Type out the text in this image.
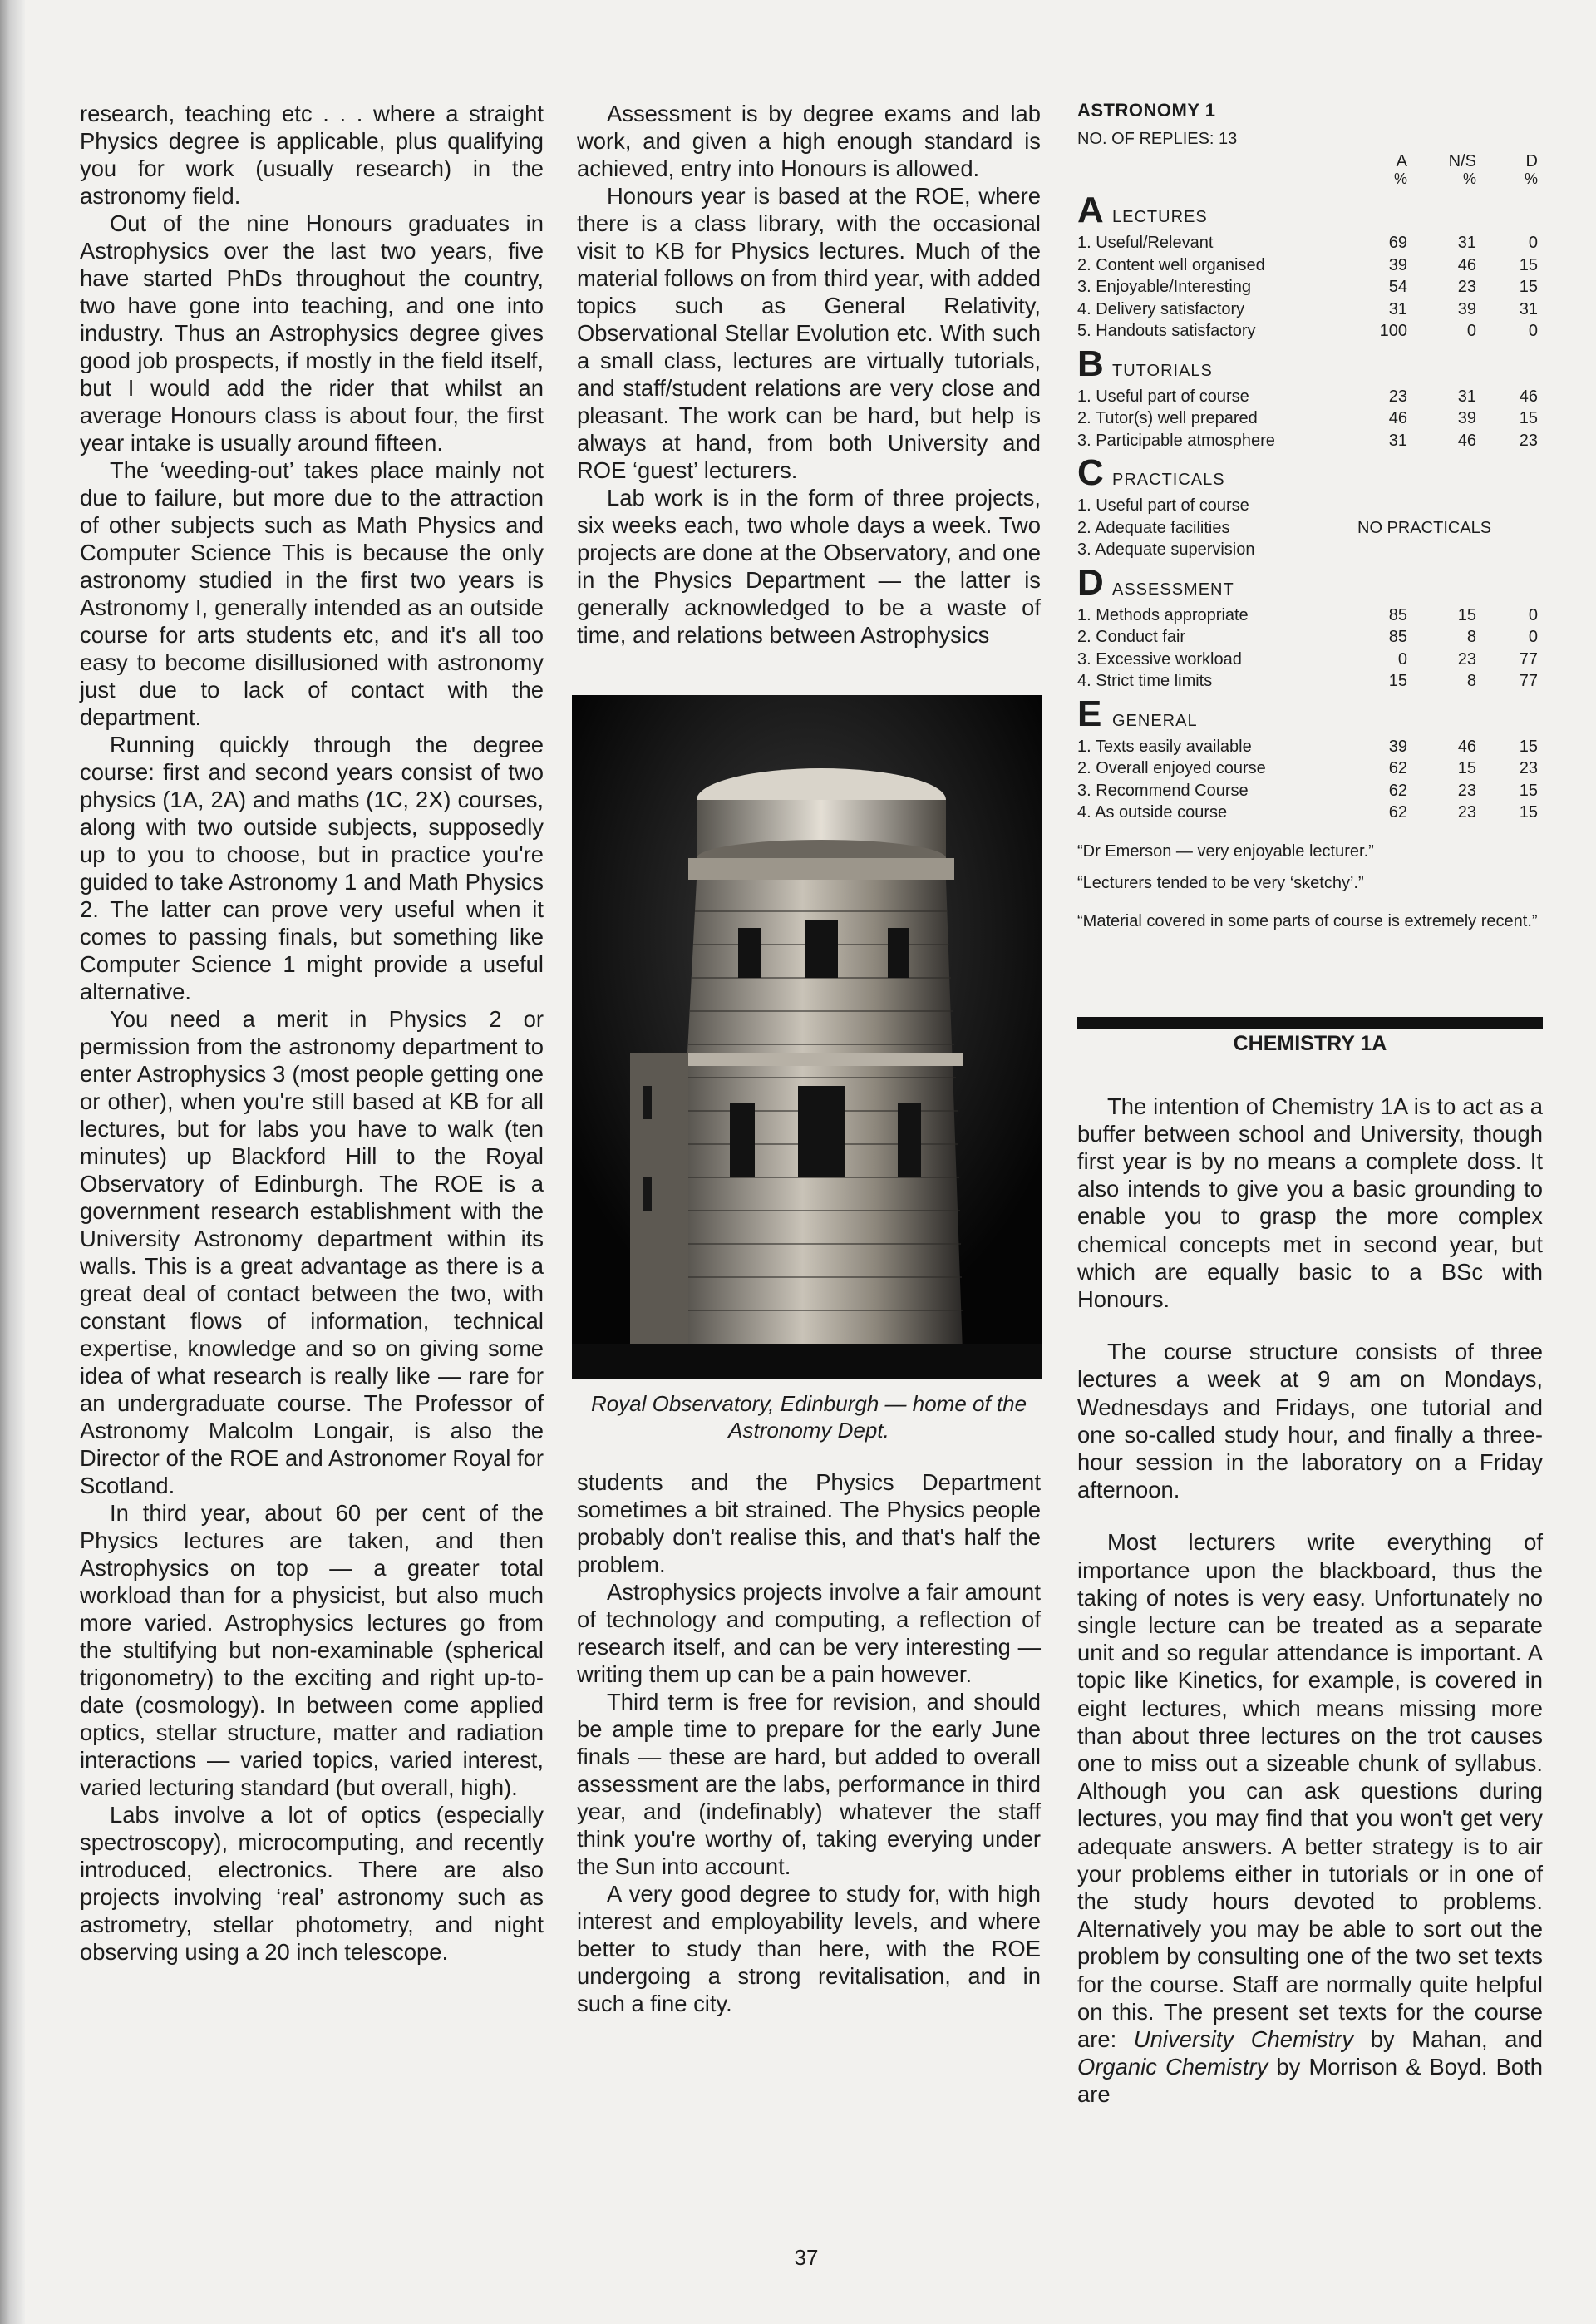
research, teaching etc . . . where a straight Physics degree is applicable, plus qualifying you for work (usually research) in the astronomy field.

Out of the nine Honours graduates in Astrophysics over the last two years, five have started PhDs throughout the country, two have gone into teaching, and one into industry. Thus an Astrophysics degree gives good job prospects, if mostly in the field itself, but I would add the rider that whilst an average Honours class is about four, the first year intake is usually around fifteen.

The ‘weeding-out’ takes place mainly not due to failure, but more due to the attraction of other subjects such as Math Physics and Computer Science This is because the only astronomy studied in the first two years is Astronomy I, generally intended as an outside course for arts students etc, and it's all too easy to become disillusioned with astronomy just due to lack of contact with the department.

Running quickly through the degree course: first and second years consist of two physics (1A, 2A) and maths (1C, 2X) courses, along with two outside subjects, supposedly up to you to choose, but in practice you're guided to take Astronomy 1 and Math Physics 2. The latter can prove very useful when it comes to passing finals, but something like Computer Science 1 might provide a useful alternative.

You need a merit in Physics 2 or permission from the astronomy department to enter Astrophysics 3 (most people getting one or other), when you're still based at KB for all lectures, but for labs you have to walk (ten minutes) up Blackford Hill to the Royal Observatory of Edinburgh. The ROE is a government research establishment with the University Astronomy department within its walls. This is a great advantage as there is a great deal of contact between the two, with constant flows of information, technical expertise, knowledge and so on giving some idea of what research is really like — rare for an undergraduate course. The Professor of Astronomy Malcolm Longair, is also the Director of the ROE and Astronomer Royal for Scotland.

In third year, about 60 per cent of the Physics lectures are taken, and then Astrophysics on top — a greater total workload than for a physicist, but also much more varied. Astrophysics lectures go from the stultifying but non-examinable (spherical trigonometry) to the exciting and right up-to-date (cosmology). In between come applied optics, stellar structure, matter and radiation interactions — varied topics, varied interest, varied lecturing standard (but overall, high).

Labs involve a lot of optics (especially spectroscopy), microcomputing, and recently introduced, electronics. There are also projects involving ‘real’ astronomy such as astrometry, stellar photometry, and night observing using a 20 inch telescope.

Assessment is by degree exams and lab work, and given a high enough standard is achieved, entry into Honours is allowed.

Honours year is based at the ROE, where there is a class library, with the occasional visit to KB for Physics lectures. Much of the material follows on from third year, with added topics such as General Relativity, Observational Stellar Evolution etc. With such a small class, lectures are virtually tutorials, and staff/student relations are very close and pleasant. The work can be hard, but help is always at hand, from both University and ROE ‘guest’ lecturers.

Lab work is in the form of three projects, six weeks each, two whole days a week. Two projects are done at the Observatory, and one in the Physics Department — the latter is generally acknowledged to be a waste of time, and relations between Astrophysics

Royal Observatory, Edinburgh — home of the Astronomy Dept.

students and the Physics Department sometimes a bit strained. The Physics people probably don't realise this, and that's half the problem.

Astrophysics projects involve a fair amount of technology and computing, a reflection of research itself, and can be very interesting — writing them up can be a pain however.

Third term is free for revision, and should be ample time to prepare for the early June finals — these are hard, but added to overall assessment are the labs, performance in third year, and (indefinably) whatever the staff think you're worthy of, taking everying under the Sun into account.

A very good degree to study for, with high interest and employability levels, and where better to study than here, with the ROE undergoing a strong revitalisation, and in such a fine city.

ASTRONOMY 1
NO. OF REPLIES: 13
A	N/S	D
%	%	%
A LECTURES
1. Useful/Relevant	69	31	0
2. Content well organised	39	46	15
3. Enjoyable/Interesting	54	23	15
4. Delivery satisfactory	31	39	31
5. Handouts satisfactory	100	0	0
B TUTORIALS
1. Useful part of course	23	31	46
2. Tutor(s) well prepared	46	39	15
3. Participable atmosphere	31	46	23
C PRACTICALS
1. Useful part of course
2. Adequate facilities	NO PRACTICALS
3. Adequate supervision
D ASSESSMENT
1. Methods appropriate	85	15	0
2. Conduct fair	85	8	0
3. Excessive workload	0	23	77
4. Strict time limits	15	8	77
E GENERAL
1. Texts easily available	39	46	15
2. Overall enjoyed course	62	15	23
3. Recommend Course	62	23	15
4. As outside course	62	23	15
“Dr Emerson — very enjoyable lecturer.”
“Lecturers tended to be very ‘sketchy’.”
“Material covered in some parts of course is extremely recent.”
CHEMISTRY 1A

The intention of Chemistry 1A is to act as a buffer between school and University, though first year is by no means a complete doss. It also intends to give you a basic grounding to enable you to grasp the more complex chemical concepts met in second year, but which are equally basic to a BSc with Honours.

The course structure consists of three lectures a week at 9 am on Mondays, Wednesdays and Fridays, one tutorial and one so-called study hour, and finally a three-hour session in the laboratory on a Friday afternoon.

Most lecturers write everything of importance upon the blackboard, thus the taking of notes is very easy. Unfortunately no single lecture can be treated as a separate unit and so regular attendance is important. A topic like Kinetics, for example, is covered in eight lectures, which means missing more than about three lectures on the trot causes one to miss out a sizeable chunk of syllabus. Although you can ask questions during lectures, you may find that you won't get very adequate answers. A better strategy is to air your problems either in tutorials or in one of the study hours devoted to problems. Alternatively you may be able to sort out the problem by consulting one of the two set texts for the course. Staff are normally quite helpful on this. The present set texts for the course are: University Chemistry by Mahan, and Organic Chemistry by Morrison & Boyd. Both are

37
